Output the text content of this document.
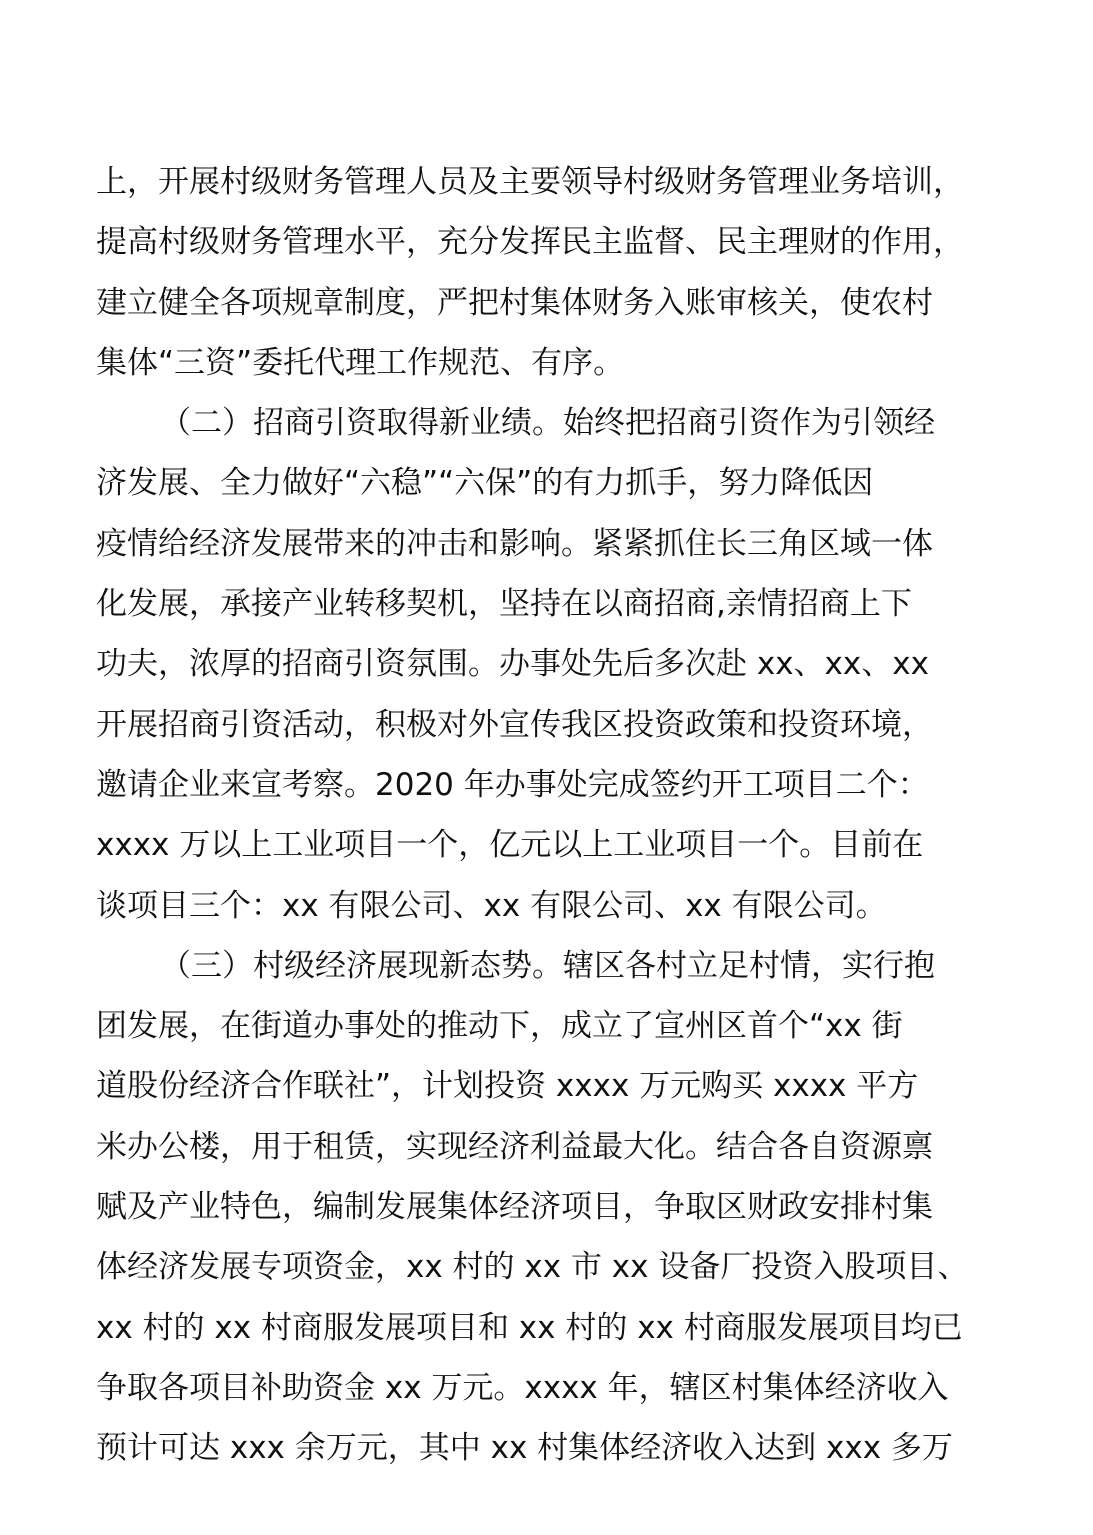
上，开展村级财务管理人员及主要领导村级财务管理业务培训，
提高村级财务管理水平，充分发挥民主监督、民主理财的作用，
建立健全各项规章制度，严把村集体财务入账审核关，使农村
集体“三资”委托代理工作规范、有序。
（二）招商引资取得新业绩。始终把招商引资作为引领经
济发展、全力做好“六稳”“六保”的有力抓手，努力降低因
疫情给经济发展带来的冲击和影响。紧紧抓住长三角区域一体
化发展，承接产业转移契机，坚持在以商招商,亲情招商上下
功夫，浓厚的招商引资氛围。办事处先后多次赴 xx、xx、xx
开展招商引资活动，积极对外宣传我区投资政策和投资环境，
邀请企业来宣考察。2020 年办事处完成签约开工项目二个：
xxxx 万以上工业项目一个，亿元以上工业项目一个。目前在
谈项目三个：xx 有限公司、xx 有限公司、xx 有限公司。
（三）村级经济展现新态势。辖区各村立足村情，实行抱
团发展，在街道办事处的推动下，成立了宣州区首个“xx 街
道股份经济合作联社”，计划投资 xxxx 万元购买 xxxx 平方
米办公楼，用于租赁，实现经济利益最大化。结合各自资源禀
赋及产业特色，编制发展集体经济项目，争取区财政安排村集
体经济发展专项资金，xx 村的 xx 市 xx 设备厂投资入股项目、
xx 村的 xx 村商服发展项目和 xx 村的 xx 村商服发展项目均已
争取各项目补助资金 xx 万元。xxxx 年，辖区村集体经济收入
预计可达 xxx 余万元，其中 xx 村集体经济收入达到 xxx 多万
